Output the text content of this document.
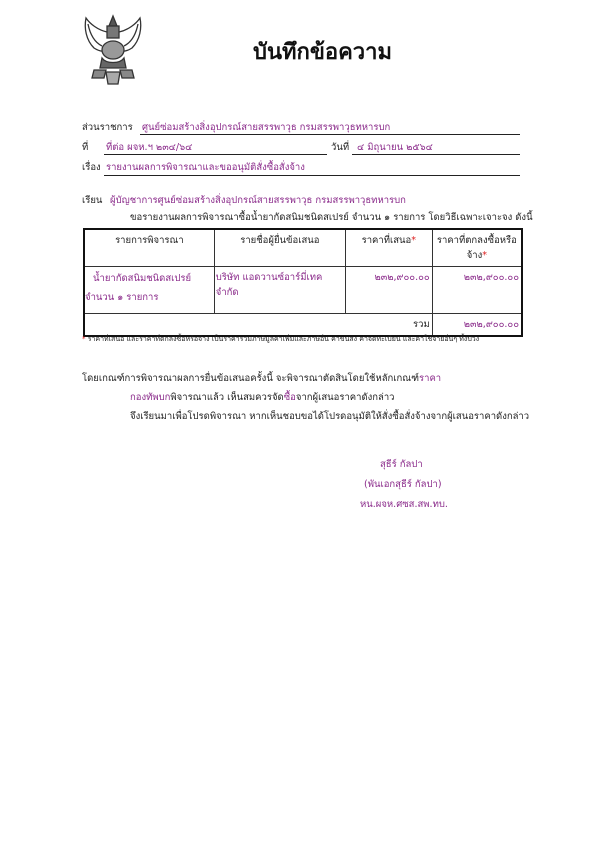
บันทึกข้อความ
ส่วนราชการ ศูนย์ซ่อมสร้างสิ่งอุปกรณ์สายสรรพาวุธ กรมสรรพาวุธทหารบก
ที่ ที่ต่อ ผจห.ฯ ๒๓๔/๖๔	วันที่ ๔ มิถุนายน ๒๕๖๔
เรื่อง รายงานผลการพิจารณาและขออนุมัติสั่งซื้อสั่งจ้าง
เรียน ผู้บัญชาการศูนย์ซ่อมสร้างสิ่งอุปกรณ์สายสรรพาวุธ กรมสรรพาวุธทหารบก
ขอรายงานผลการพิจารณาซื้อน้ำยากัดสนิมชนิดสเปรย์ จำนวน ๑ รายการ โดยวิธีเฉพาะเจาะจง ดังนี้
รายการพิจารณา	รายชื่อผู้ยื่นข้อเสนอ	ราคาที่เสนอ*	ราคาที่ตกลงซื้อหรือจ้าง*

น้ำยากัดสนิมชนิดสเปรย์
จำนวน ๑ รายการ	บริษัท แอดวานซ์อาร์มี่เทค จำกัด	๒๓๒,๙๐๐.๐๐	๒๓๒,๙๐๐.๐๐
รวม			๒๓๒,๙๐๐.๐๐
* ราคาที่เสนอ และราคาที่ตกลงซื้อหรือจ้าง เป็นราคารวมภาษีมูลค่าเพิ่มและภาษีอื่น ค่าขนส่ง ค่าจดทะเบียน และค่าใช้จ่ายอื่นๆ ทั้งปวง
โดยเกณฑ์การพิจารณาผลการยื่นข้อเสนอครั้งนี้ จะพิจารณาตัดสินโดยใช้หลักเกณฑ์ราคา
กองทัพบกพิจารณาแล้ว เห็นสมควรจัดซื้อจากผู้เสนอราคาดังกล่าว
จึงเรียนมาเพื่อโปรดพิจารณา หากเห็นชอบขอได้โปรดอนุมัติให้สั่งซื้อสั่งจ้างจากผู้เสนอราคาดังกล่าว
สุธีร์ กัลปา
(พันเอกสุธีร์ กัลปา)
หน.ผจห.ศซส.สพ.ทบ.
